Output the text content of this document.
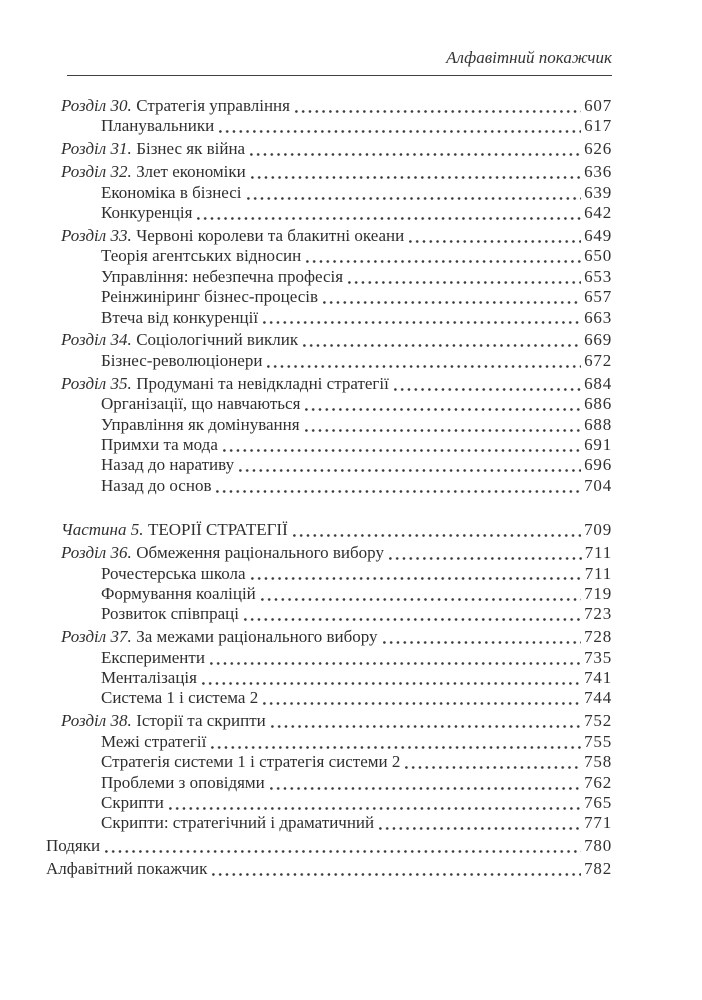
Алфавітний покажчик
Розділ 30. Стратегія управління	607
Планувальники	617
Розділ 31. Бізнес як війна	626
Розділ 32. Злет економіки	636
Економіка в бізнесі	639
Конкуренція	642
Розділ 33. Червоні королеви та блакитні океани	649
Теорія агентських відносин	650
Управління: небезпечна професія	653
Реінжиніринг бізнес-процесів	657
Втеча від конкуренції	663
Розділ 34. Соціологічний виклик	669
Бізнес-революціонери	672
Розділ 35. Продумані та невідкладні стратегії	684
Організації, що навчаються	686
Управління як домінування	688
Примхи та мода	691
Назад до наративу	696
Назад до основ	704
Частина 5. ТЕОРІЇ СТРАТЕГІЇ	709
Розділ 36. Обмеження раціонального вибору	711
Рочестерська школа	711
Формування коаліцій	719
Розвиток співпраці	723
Розділ 37. За межами раціонального вибору	728
Експерименти	735
Менталізація	741
Система 1 і система 2	744
Розділ 38. Історії та скрипти	752
Межі стратегії	755
Стратегія системи 1 і стратегія системи 2	758
Проблеми з оповідями	762
Скрипти	765
Скрипти: стратегічний і драматичний	771
Подяки	780
Алфавітний покажчик	782
